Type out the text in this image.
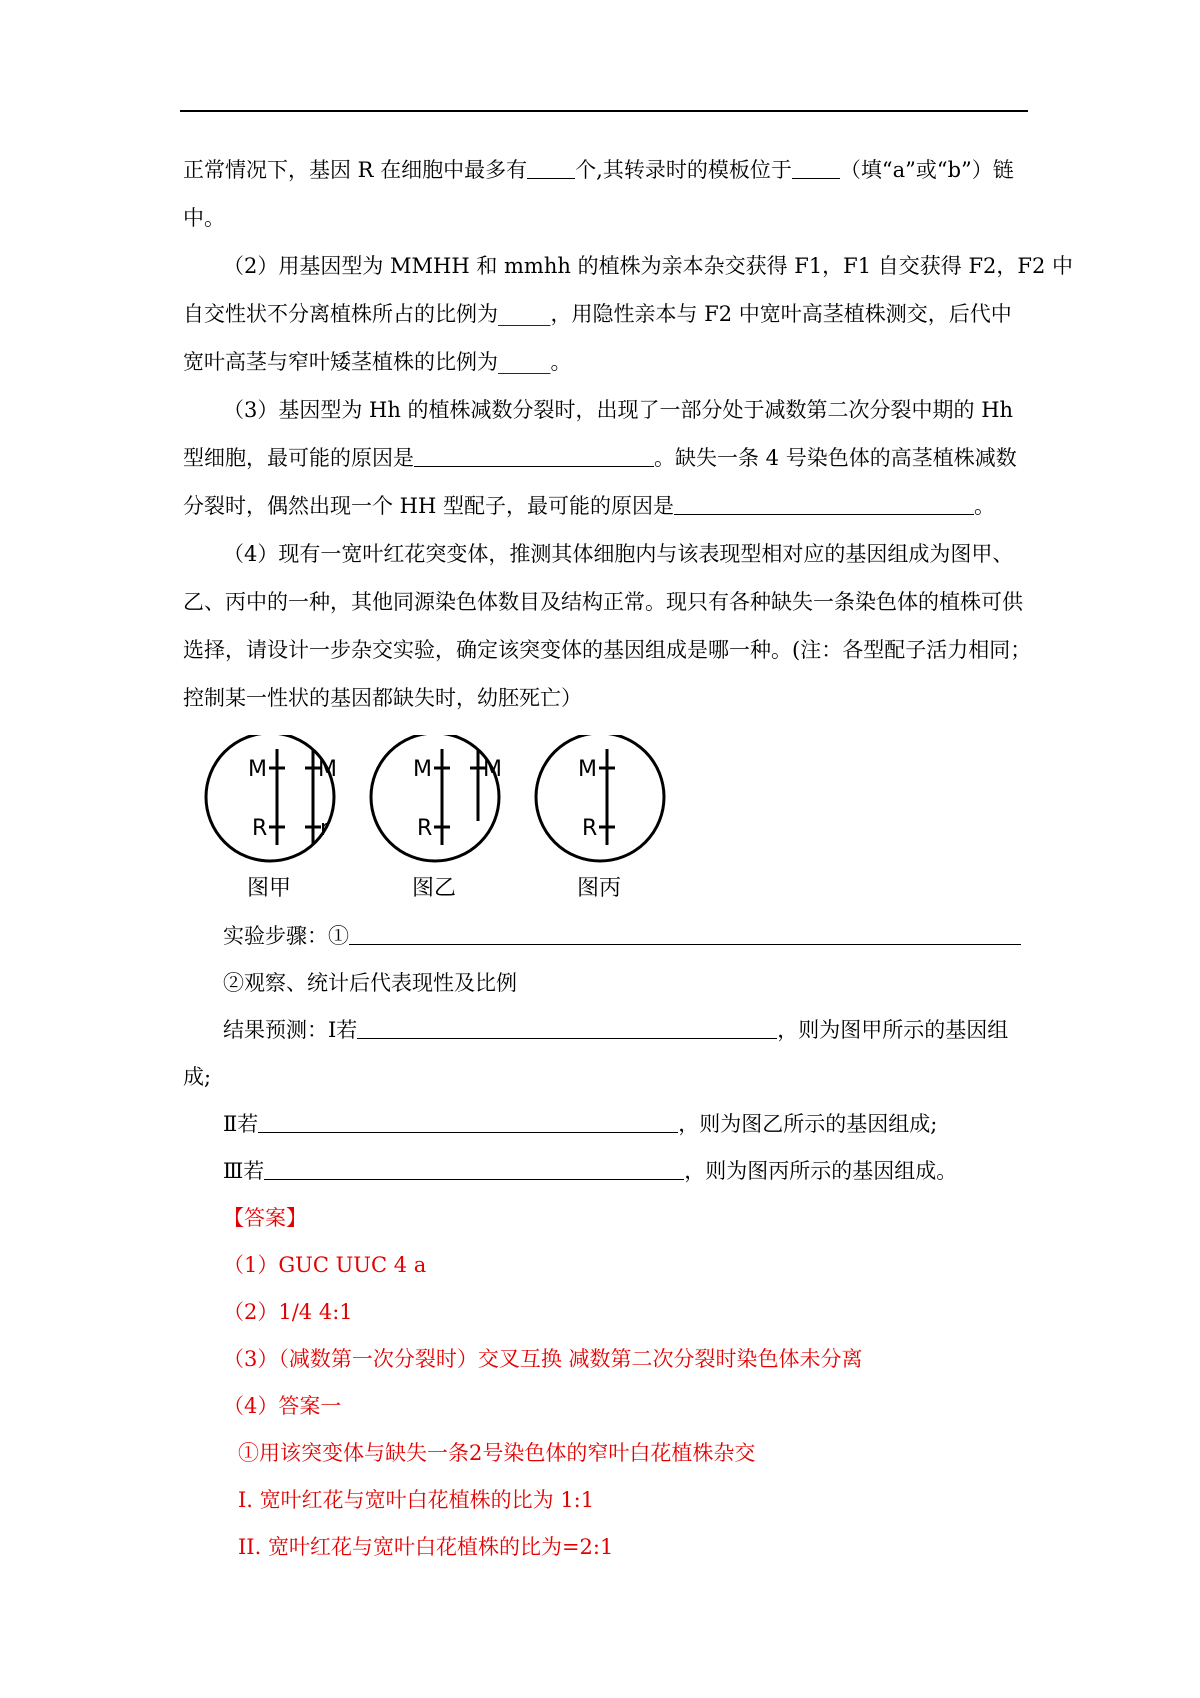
正常情况下，基因 R 在细胞中最多有 个,其转录时的模板位于 （填“a”或“b”）链
中。
（2）用基因型为 MMHH 和 mmhh 的植株为亲本杂交获得 F1，F1 自交获得 F2，F2 中
自交性状不分离植株所占的比例为_____，用隐性亲本与 F2 中宽叶高茎植株测交，后代中
宽叶高茎与窄叶矮茎植株的比例为_____。
（3）基因型为 Hh 的植株减数分裂时，出现了一部分处于减数第二次分裂中期的 Hh
型细胞，最可能的原因是	。缺失一条 4 号染色体的高茎植株减数
分裂时，偶然出现一个 HH 型配子，最可能的原因是	。
（4）现有一宽叶红花突变体，推测其体细胞内与该表现型相对应的基因组成为图甲、
乙、丙中的一种，其他同源染色体数目及结构正常。现只有各种缺失一条染色体的植株可供
选择，请设计一步杂交实验，确定该突变体的基因组成是哪一种。(注：各型配子活力相同；
控制某一性状的基因都缺失时，幼胚死亡）
M
R
M
r
M
R
M	M
R
图甲	图乙	图丙
实验步骤：①
②观察、统计后代表现性及比例
结果预测：Ⅰ若	，则为图甲所示的基因组
成;
Ⅱ若	，则为图乙所示的基因组成;
Ⅲ若	，则为图丙所示的基因组成。
【答案】
（1）GUC UUC 4 a
（2）1/4 4:1
（3）（减数第一次分裂时）交叉互换 减数第二次分裂时染色体未分离
（4）答案一
①用该突变体与缺失一条2号染色体的窄叶白花植株杂交
I. 宽叶红花与宽叶白花植株的比为 1:1
II. 宽叶红花与宽叶白花植株的比为=2:1
